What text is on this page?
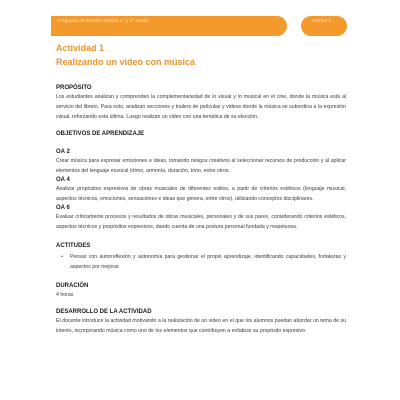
Programa de Estudio Música 3° y 4° medio	Unidad 1
Actividad 1
Realizando un video con música
PROPÓSITO
Los estudiantes analizan y comprenden la complementariedad de lo visual y lo musical en el cine, donde la música está al servicio del libreto. Para esto, analizan secciones y trailers de películas y videos donde la música se subordina a la expresión visual, reforzando esta última. Luego realizan un video con una temática de su elección.
OBJETIVOS DE APRENDIZAJE
OA 2
Crear música para expresar emociones e ideas, tomando riesgos creativos al seleccionar recursos de producción y al aplicar elementos del lenguaje musical (ritmo, armonía, duración, tono, entre otros.
OA 4
Analizar propósitos expresivos de obras musicales de diferentes estilos, a partir de criterios estéticos (lenguaje musical, aspectos técnicos, emociones, sensaciones e ideas que genera, entre otros), utilizando conceptos disciplinares.
OA 6
Evaluar críticamente procesos y resultados de obras musicales, personales y de sus pares, considerando criterios estéticos, aspectos técnicos y propósitos expresivos, dando cuenta de una postura personal fundada y respetuosa.
ACTITUDES
•	Pensar con autorreflexión y autonomía para gestionar el propio aprendizaje, identificando capacidades, fortalezas y aspectos por mejorar.
DURACIÓN
4 horas
DESARROLLO DE LA ACTIVIDAD
El docente introduce la actividad motivando a la realización de un video en el que los alumnos puedan abordar un tema de su interés, incorporando música como uno de los elementos que contribuyen a enfatizar su propósito expresivo.
